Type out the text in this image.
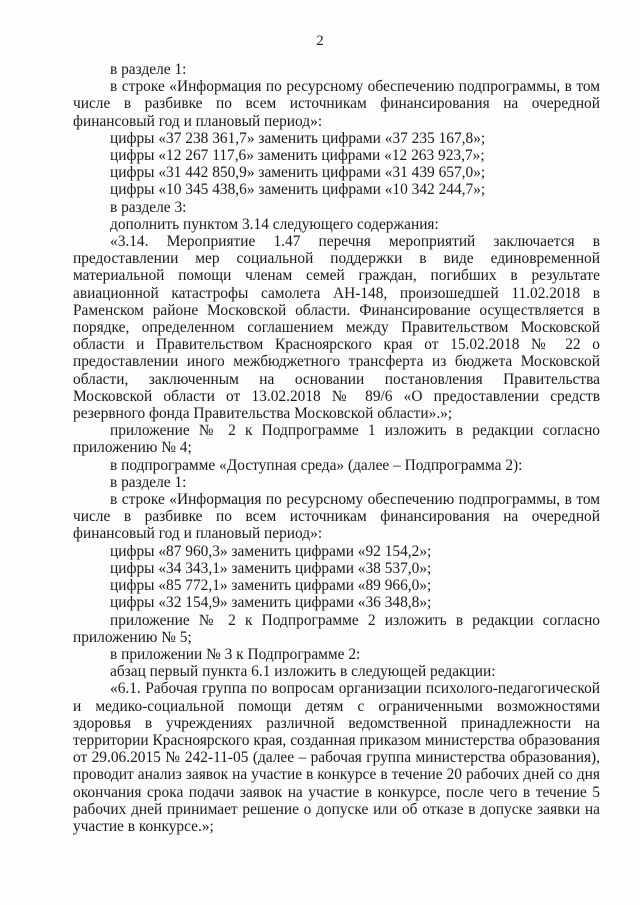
2

в разделе 1:

в строке «Информация по ресурсному обеспечению подпрограммы, в том числе в разбивке по всем источникам финансирования на очередной финансовый год и плановый период»:

цифры «37 238 361,7» заменить цифрами «37 235 167,8»;

цифры «12 267 117,6» заменить цифрами «12 263 923,7»;

цифры «31 442 850,9» заменить цифрами «31 439 657,0»;

цифры «10 345 438,6» заменить цифрами «10 342 244,7»;

в разделе 3:

дополнить пунктом 3.14 следующего содержания:

«3.14. Мероприятие 1.47 перечня мероприятий заключается в предоставлении мер социальной поддержки в виде единовременной материальной помощи членам семей граждан, погибших в результате авиационной катастрофы самолета АН-148, произошедшей 11.02.2018 в Раменском районе Московской области. Финансирование осуществляется в порядке, определенном соглашением между Правительством Московской области и Правительством Красноярского края от 15.02.2018 № 22 о предоставлении иного межбюджетного трансферта из бюджета Московской области, заключенным на основании постановления Правительства Московской области от 13.02.2018 № 89/6 «О предоставлении средств резервного фонда Правительства Московской области».»;

приложение № 2 к Подпрограмме 1 изложить в редакции согласно приложению № 4;

в подпрограмме «Доступная среда» (далее – Подпрограмма 2):

в разделе 1:

в строке «Информация по ресурсному обеспечению подпрограммы, в том числе в разбивке по всем источникам финансирования на очередной финансовый год и плановый период»:

цифры «87 960,3» заменить цифрами «92 154,2»;

цифры «34 343,1» заменить цифрами «38 537,0»;

цифры «85 772,1» заменить цифрами «89 966,0»;

цифры «32 154,9» заменить цифрами «36 348,8»;

приложение № 2 к Подпрограмме 2 изложить в редакции согласно приложению № 5;

в приложении № 3 к Подпрограмме 2:

абзац первый пункта 6.1 изложить в следующей редакции:

«6.1. Рабочая группа по вопросам организации психолого-педагогической и медико-социальной помощи детям с ограниченными возможностями здоровья в учреждениях различной ведомственной принадлежности на территории Красноярского края, созданная приказом министерства образования от 29.06.2015 № 242-11-05 (далее – рабочая группа министерства образования), проводит анализ заявок на участие в конкурсе в течение 20 рабочих дней со дня окончания срока подачи заявок на участие в конкурсе, после чего в течение 5 рабочих дней принимает решение о допуске или об отказе в допуске заявки на участие в конкурсе.»;
